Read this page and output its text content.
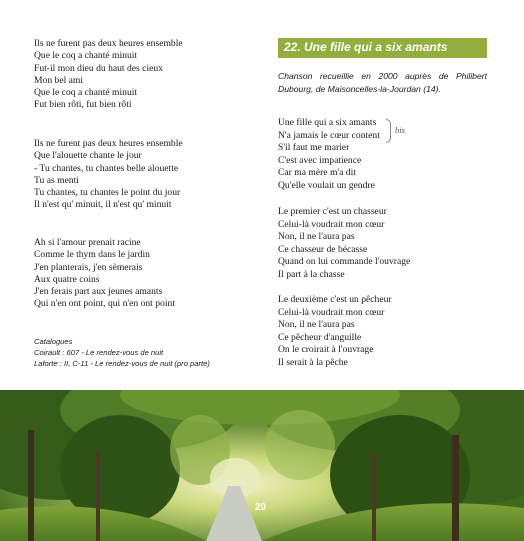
Ils ne furent pas deux heures ensemble
Que le coq a chanté minuit
Fut-il mon dieu du haut des cieux
Mon bel ami
Que le coq a chanté minuit
Fut bien rôti, fut bien rôti
Ils ne furent pas deux heures ensemble
Que l'alouette chante le jour
- Tu chantes, tu chantes belle alouette
Tu as menti
Tu chantes, tu chantes le point du jour
Il n'est qu' minuit, il n'est qu' minuit
Ah si l'amour prenait racine
Comme le thym dans le jardin
J'en planterais, j'en sèmerais
Aux quatre coins
J'en ferais part aux jeunes amants
Qui n'en ont point, qui n'en ont point
Catalogues
Coirault : 607 - Le rendez-vous de nuit
Laforte : II, C-11 - Le rendez-vous de nuit (pro parte)
22. Une fille qui a six amants
Chanson recueillie en 2000 auprès de Philibert Dubourg, de Maisoncelles-la-Jourdan (14).
Une fille qui a six amants
N'a jamais le cœur content
S'il faut me marier
C'est avec impatience
Car ma mère m'a dit
Qu'elle voulait un gendre
bis
Le premier c'est un chasseur
Celui-là voudrait mon cœur
Non, il ne l'aura pas
Ce chasseur de bécasse
Quand on lui commande l'ouvrage
Il part à la chasse
Le deuxième c'est un pêcheur
Celui-là voudrait mon cœur
Non, il ne l'aura pas
Ce pêcheur d'anguille
On le croirait à l'ouvrage
Il serait à la pêche
20
